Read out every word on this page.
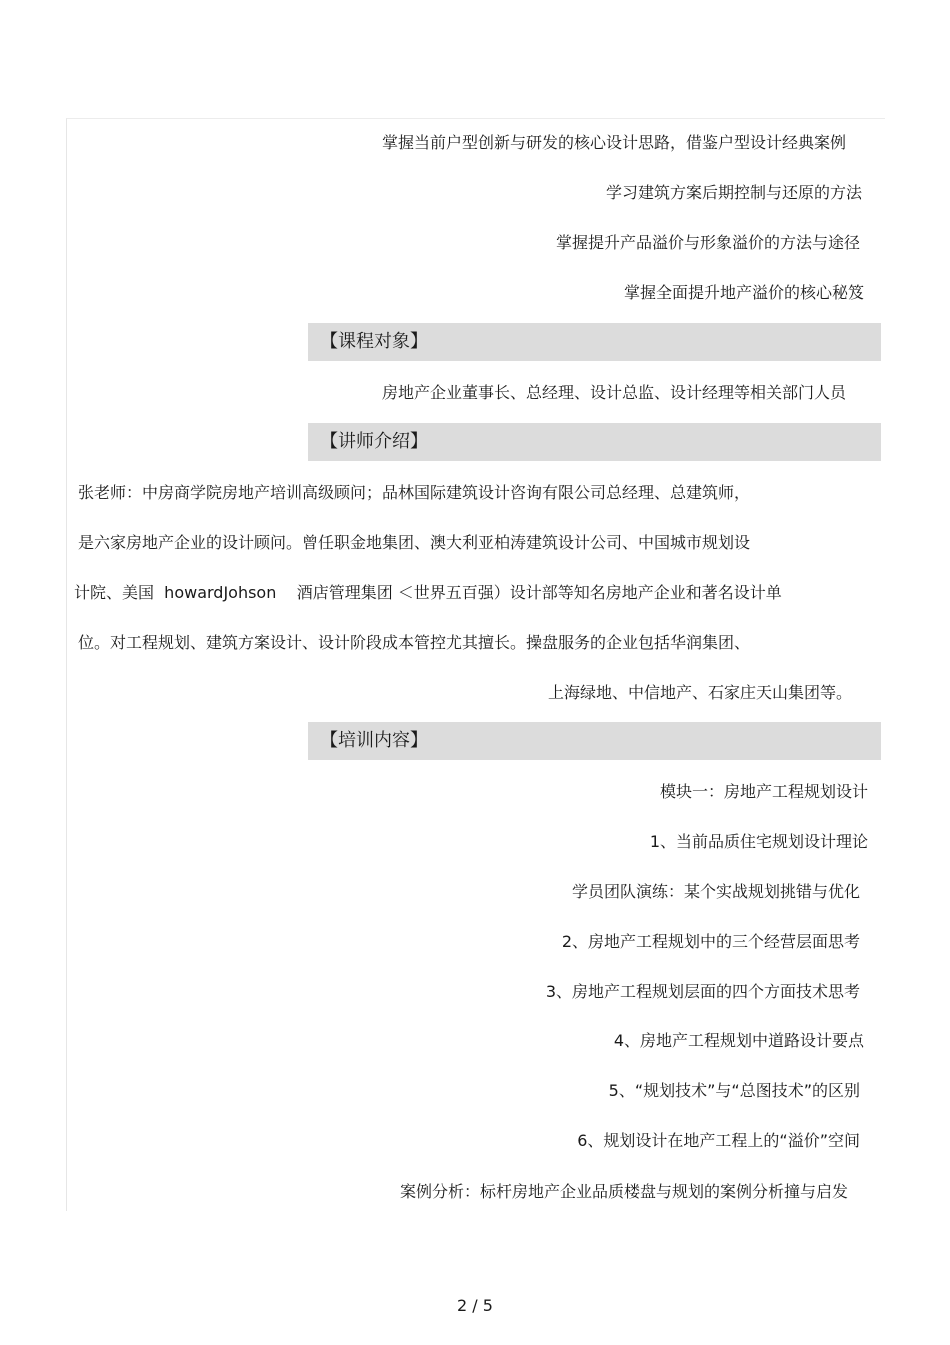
掌握当前户型创新与研发的核心设计思路，借鉴户型设计经典案例
学习建筑方案后期控制与还原的方法
掌握提升产品溢价与形象溢价的方法与途径
掌握全面提升地产溢价的核心秘笈
【课程对象】
房地产企业董事长、总经理、设计总监、设计经理等相关部门人员
【讲师介绍】
张老师：中房商学院房地产培训高级顾问；品林国际建筑设计咨询有限公司总经理、总建筑师，
是六家房地产企业的设计顾问。曾任职金地集团、澳大利亚柏涛建筑设计公司、中国城市规划设
计院、美国  howardJohson    酒店管理集团 ＜世界五百强）设计部等知名房地产企业和著名设计单
位。对工程规划、建筑方案设计、设计阶段成本管控尤其擅长。操盘服务的企业包括华润集团、
上海绿地、中信地产、石家庄天山集团等。
【培训内容】
模块一：房地产工程规划设计
1、当前品质住宅规划设计理论
学员团队演练：某个实战规划挑错与优化
2、房地产工程规划中的三个经营层面思考
3、房地产工程规划层面的四个方面技术思考
4、房地产工程规划中道路设计要点
5、“规划技术”与“总图技术”的区别
6、规划设计在地产工程上的“溢价”空间
案例分析：标杆房地产企业品质楼盘与规划的案例分析撞与启发
2 / 5
